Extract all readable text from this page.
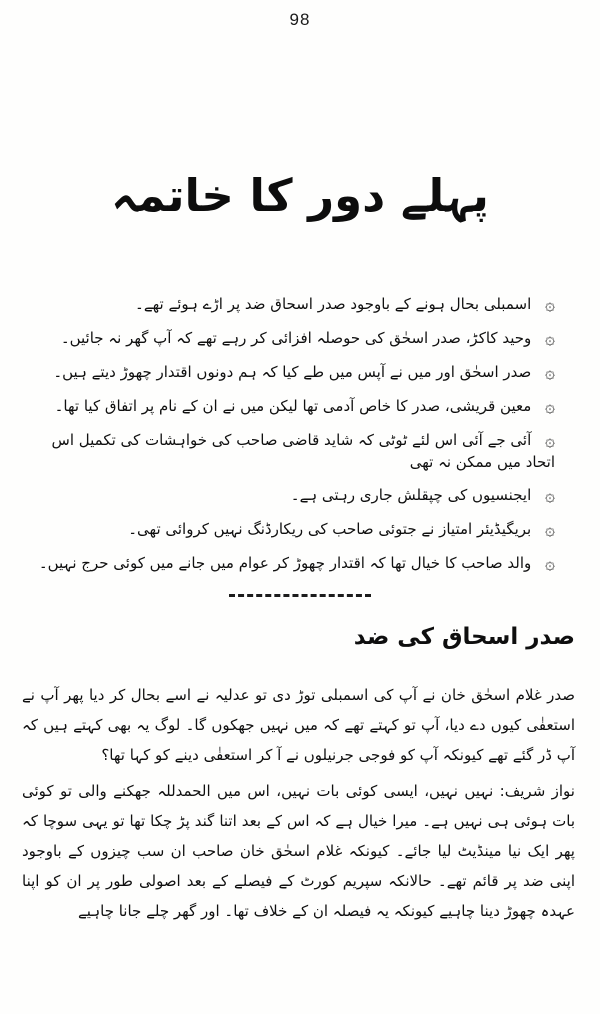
98
پہلے دور کا خاتمہ
۞ اسمبلی بحال ہونے کے باوجود صدر اسحاق ضد پر اڑے ہوئے تھے۔
۞ وحید کاکڑ، صدر اسحٰق کی حوصلہ افزائی کر رہے تھے کہ آپ گھر نہ جائیں۔
۞ صدر اسحٰق اور میں نے آپس میں طے کیا کہ ہم دونوں اقتدار چھوڑ دیتے ہیں۔
۞ معین قریشی، صدر کا خاص آدمی تھا لیکن میں نے ان کے نام پر اتفاق کیا تھا۔
۞ آئی جے آئی اس لئے ٹوٹی کہ شاید قاضی صاحب کی خواہشات کی تکمیل اس اتحاد میں ممکن نہ تھی
۞ ایجنسیوں کی چپقلش جاری رہتی ہے۔
۞ بریگیڈیئر امتیاز نے جتوئی صاحب کی ریکارڈنگ نہیں کروائی تھی۔
۞ والد صاحب کا خیال تھا کہ اقتدار چھوڑ کر عوام میں جانے میں کوئی حرج نہیں۔
صدر اسحاق کی ضد

صدر غلام اسحٰق خان نے آپ کی اسمبلی توڑ دی تو عدلیہ نے اسے بحال کر دیا پھر آپ نے استعفٰی کیوں دے دیا، آپ تو کہتے تھے کہ میں نہیں جھکوں گا۔ لوگ یہ بھی کہتے ہیں کہ آپ ڈر گئے تھے کیونکہ آپ کو فوجی جرنیلوں نے آ کر استعفٰی دینے کو کہا تھا؟

نواز شریف: نہیں نہیں، ایسی کوئی بات نہیں، اس میں الحمدللہ جھکنے والی تو کوئی بات ہوئی ہی نہیں ہے۔ میرا خیال ہے کہ اس کے بعد اتنا گند پڑ چکا تھا تو یہی سوچا کہ پھر ایک نیا مینڈیٹ لیا جائے۔ کیونکہ غلام اسحٰق خان صاحب ان سب چیزوں کے باوجود اپنی ضد پر قائم تھے۔ حالانکہ سپریم کورٹ کے فیصلے کے بعد اصولی طور پر ان کو اپنا عہدہ چھوڑ دینا چاہیے کیونکہ یہ فیصلہ ان کے خلاف تھا۔ اور گھر چلے جانا چاہیے
